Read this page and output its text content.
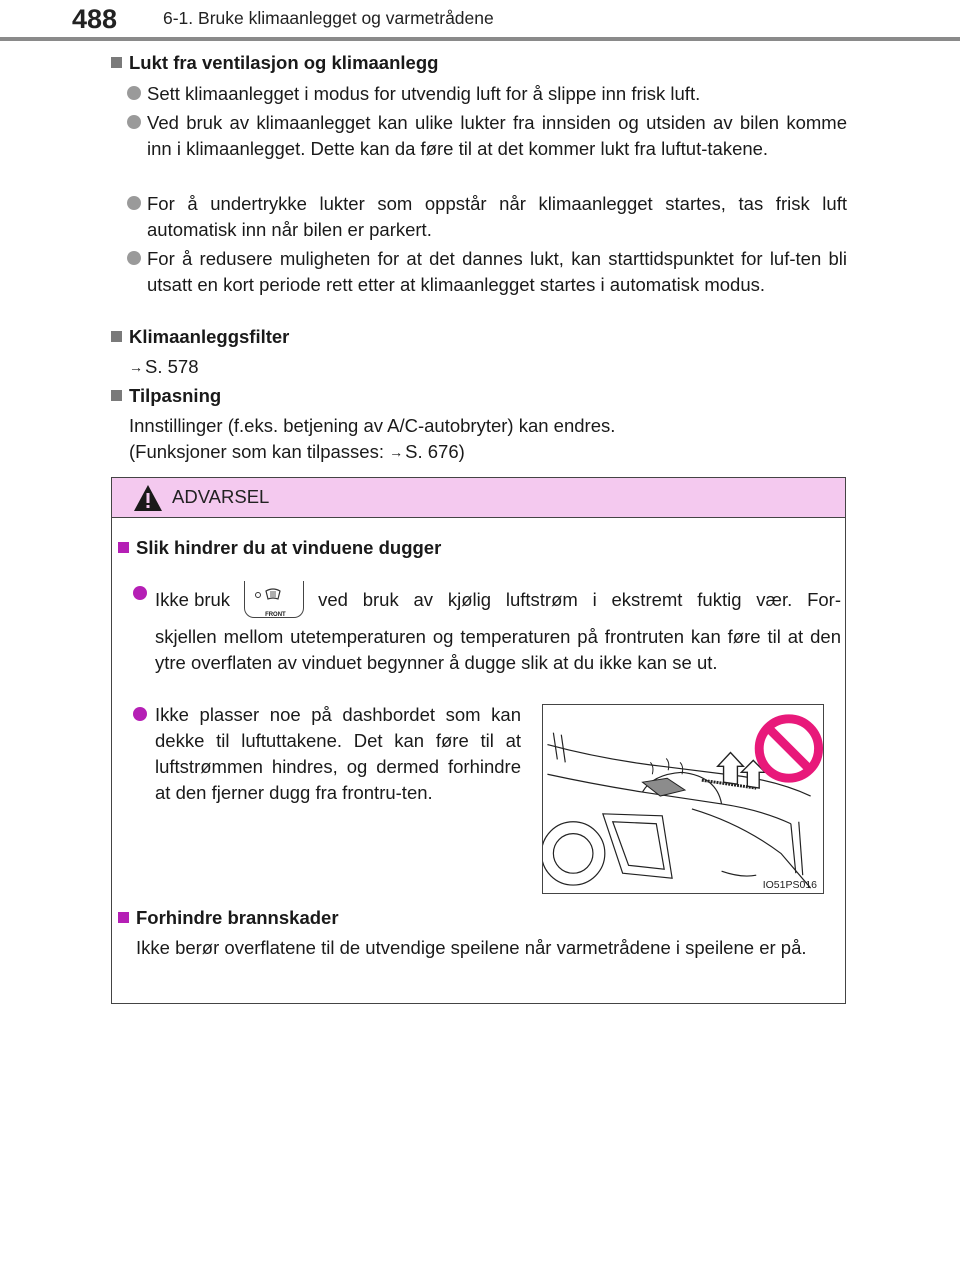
488	6-1. Bruke klimaanlegget og varmetrådene
Lukt fra ventilasjon og klimaanlegg
Sett klimaanlegget i modus for utvendig luft for å slippe inn frisk luft.
Ved bruk av klimaanlegget kan ulike lukter fra innsiden og utsiden av bilen komme inn i klimaanlegget. Dette kan da føre til at det kommer lukt fra luftut-takene.
For å undertrykke lukter som oppstår når klimaanlegget startes, tas frisk luft automatisk inn når bilen er parkert.
For å redusere muligheten for at det dannes lukt, kan starttidspunktet for luf-ten bli utsatt en kort periode rett etter at klimaanlegget startes i automatisk modus.
Klimaanleggsfilter
→ S. 578
Tilpasning
Innstillinger (f.eks. betjening av A/C-autobryter) kan endres.
(Funksjoner som kan tilpasses: → S. 676)
ADVARSEL
Slik hindrer du at vinduene dugger
Ikke bruk
FRONT
ved bruk av kjølig luftstrøm i ekstremt fuktig vær. For-
skjellen mellom utetemperaturen og temperaturen på frontruten kan føre til at den ytre overflaten av vinduet begynner å dugge slik at du ikke kan se ut.
Ikke plasser noe på dashbordet som kan dekke til luftuttakene. Det kan føre til at luftstrømmen hindres, og dermed forhindre at den fjerner dugg fra frontru-ten.
IO51PS016
Forhindre brannskader
Ikke berør overflatene til de utvendige speilene når varmetrådene i speilene er på.
